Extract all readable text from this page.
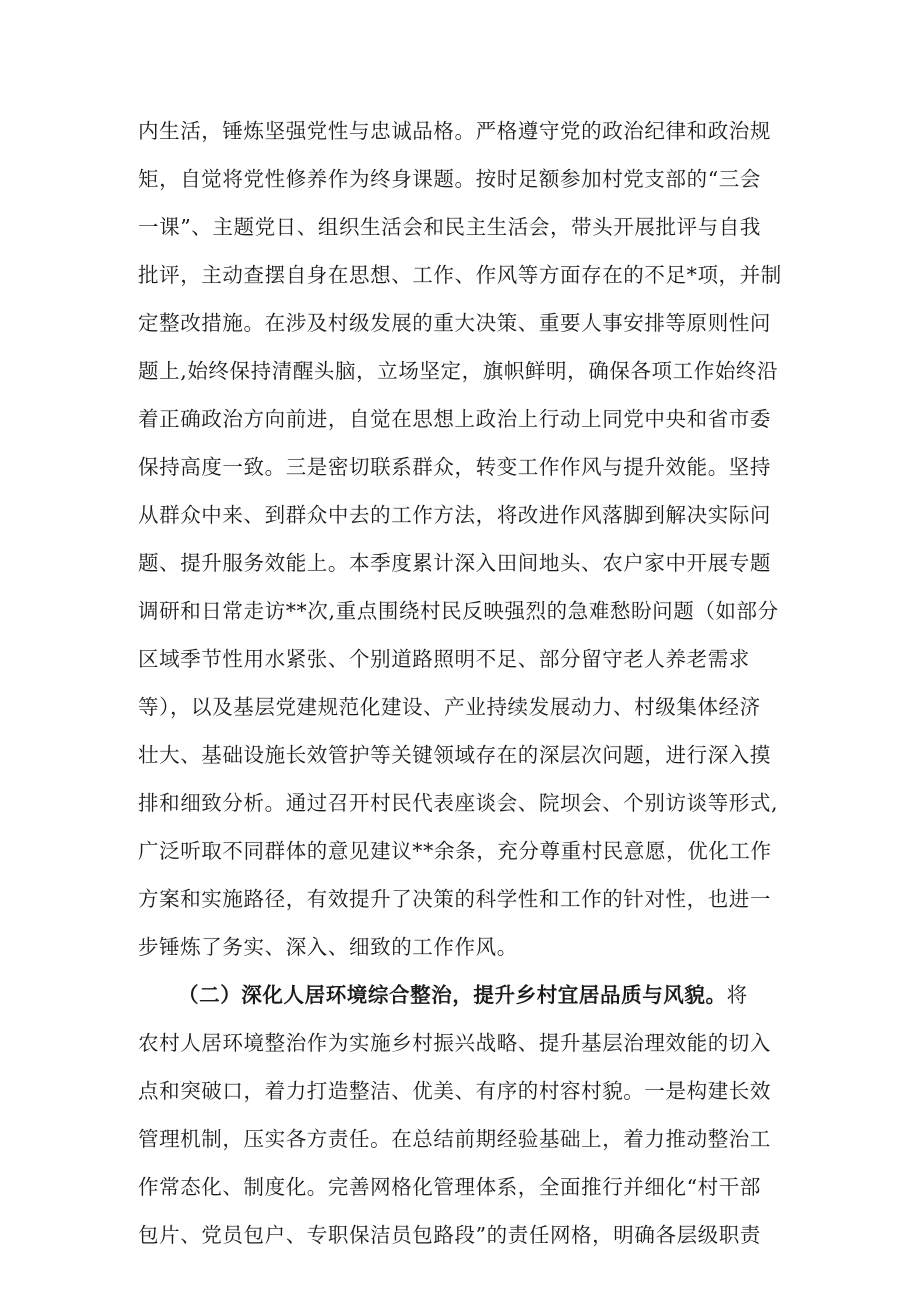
内生活，锤炼坚强党性与忠诚品格。严格遵守党的政治纪律和政治规
矩，自觉将党性修养作为终身课题。按时足额参加村党支部的“三会
一课”、主题党日、组织生活会和民主生活会，带头开展批评与自我
批评，主动查摆自身在思想、工作、作风等方面存在的不足*项，并制
定整改措施。在涉及村级发展的重大决策、重要人事安排等原则性问
题上,始终保持清醒头脑，立场坚定，旗帜鲜明，确保各项工作始终沿
着正确政治方向前进，自觉在思想上政治上行动上同党中央和省市委
保持高度一致。三是密切联系群众，转变工作作风与提升效能。坚持
从群众中来、到群众中去的工作方法，将改进作风落脚到解决实际问
题、提升服务效能上。本季度累计深入田间地头、农户家中开展专题
调研和日常走访**次,重点围绕村民反映强烈的急难愁盼问题（如部分
区域季节性用水紧张、个别道路照明不足、部分留守老人养老需求
等），以及基层党建规范化建设、产业持续发展动力、村级集体经济
壮大、基础设施长效管护等关键领域存在的深层次问题，进行深入摸
排和细致分析。通过召开村民代表座谈会、院坝会、个别访谈等形式,
广泛听取不同群体的意见建议**余条，充分尊重村民意愿，优化工作
方案和实施路径，有效提升了决策的科学性和工作的针对性，也进一
步锤炼了务实、深入、细致的工作作风。
（二）深化人居环境综合整治，提升乡村宜居品质与风貌。将
农村人居环境整治作为实施乡村振兴战略、提升基层治理效能的切入
点和突破口，着力打造整洁、优美、有序的村容村貌。一是构建长效
管理机制，压实各方责任。在总结前期经验基础上，着力推动整治工
作常态化、制度化。完善网格化管理体系，全面推行并细化“村干部
包片、党员包户、专职保洁员包路段”的责任网格，明确各层级职责
